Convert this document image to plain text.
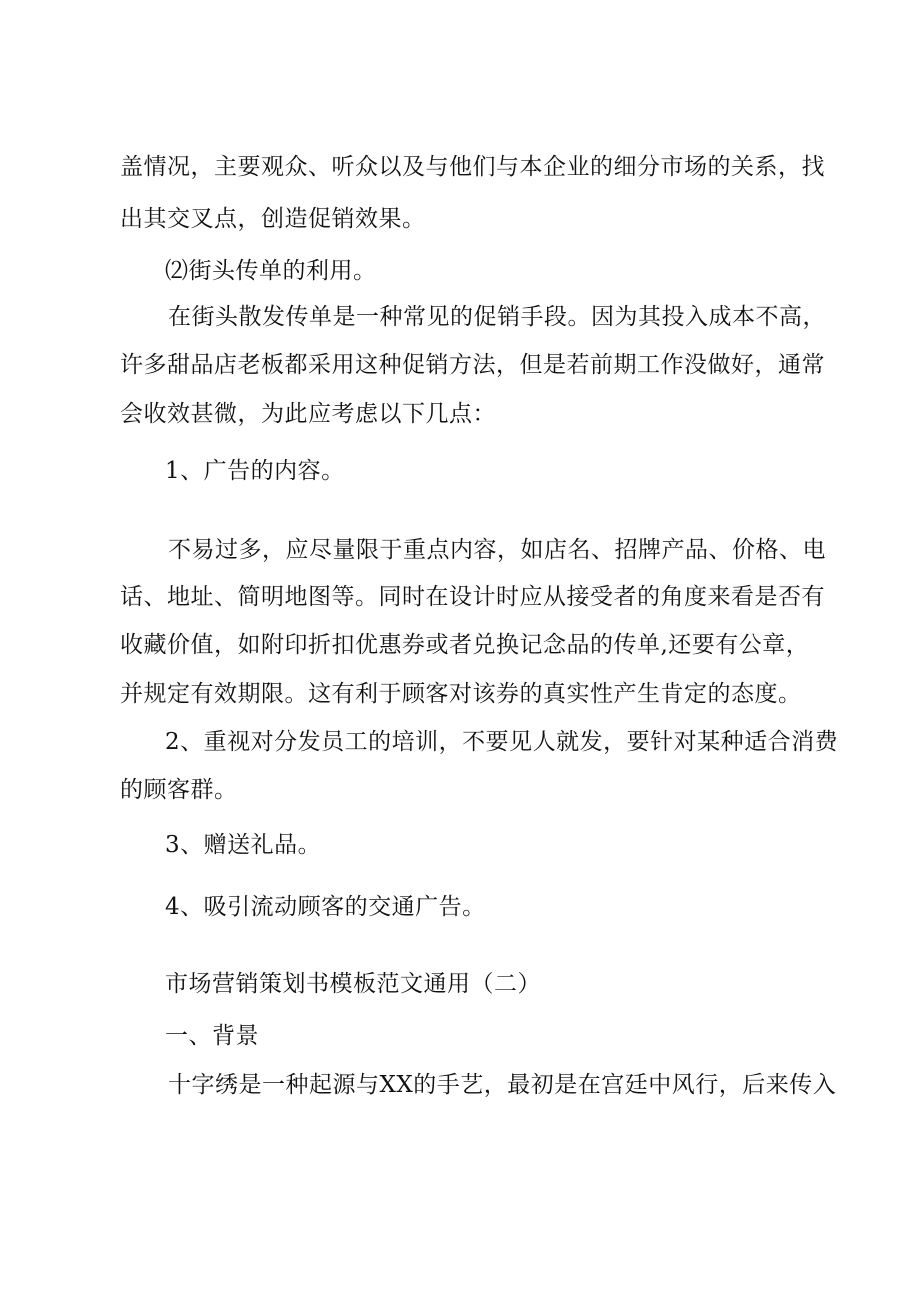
盖情况，主要观众、听众以及与他们与本企业的细分市场的关系，找
出其交叉点，创造促销效果。
⑵街头传单的利用。
在街头散发传单是一种常见的促销手段。因为其投入成本不高，
许多甜品店老板都采用这种促销方法，但是若前期工作没做好，通常
会收效甚微，为此应考虑以下几点：
1、广告的内容。
不易过多，应尽量限于重点内容，如店名、招牌产品、价格、电
话、地址、简明地图等。同时在设计时应从接受者的角度来看是否有
收藏价值，如附印折扣优惠券或者兑换记念品的传单,还要有公章，
并规定有效期限。这有利于顾客对该券的真实性产生肯定的态度。
2、重视对分发员工的培训，不要见人就发，要针对某种适合消费
的顾客群。
3、赠送礼品。
4、吸引流动顾客的交通广告。
市场营销策划书模板范文通用（二）
一、背景
十字绣是一种起源与XX的手艺，最初是在宫廷中风行，后来传入
